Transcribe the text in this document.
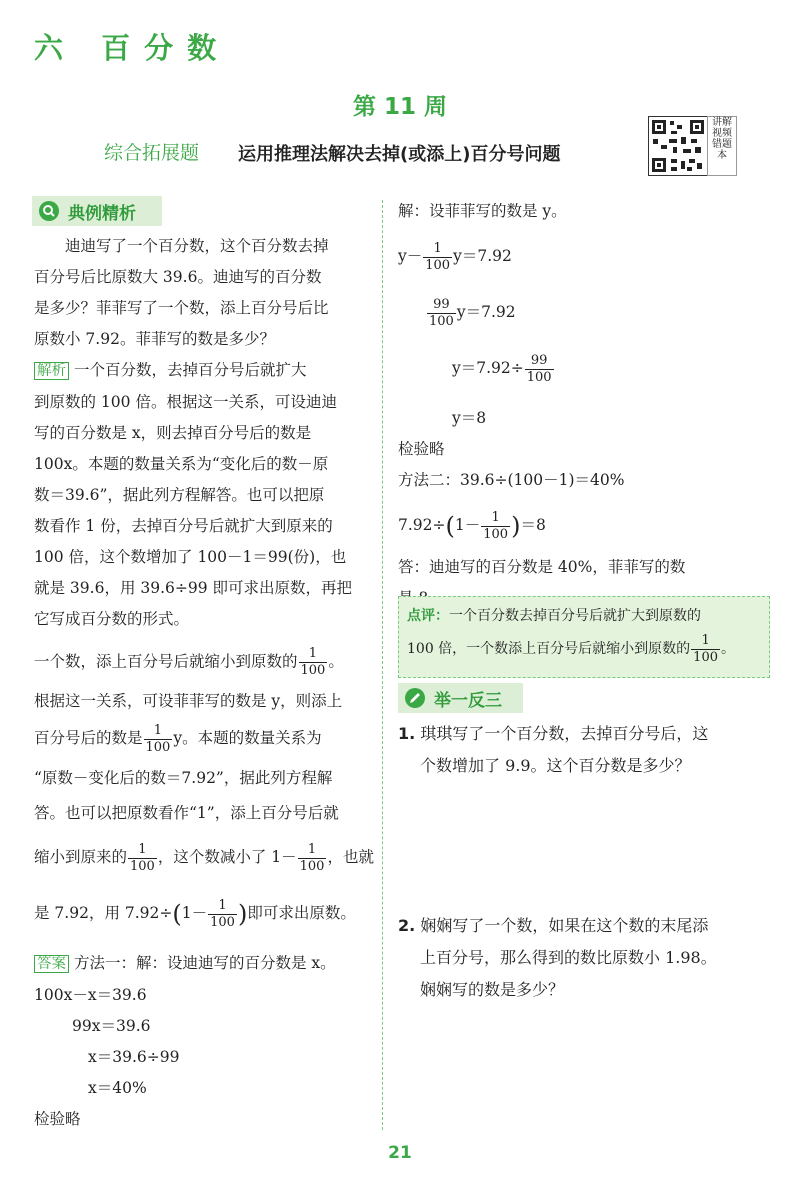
六 百分数
第 11 周
综合拓展题 运用推理法解决去掉(或添上)百分号问题
讲解视频 错题本
典例精析
迪迪写了一个百分数，这个百分数去掉
百分号后比原数大 39.6。迪迪写的百分数
是多少？菲菲写了一个数，添上百分号后比
原数小 7.92。菲菲写的数是多少？
解析 一个百分数，去掉百分号后就扩大
到原数的 100 倍。根据这一关系，可设迪迪
写的百分数是 x，则去掉百分号后的数是
100x。本题的数量关系为“变化后的数－原
数＝39.6”，据此列方程解答。也可以把原
数看作 1 份，去掉百分号后就扩大到原来的
100 倍，这个数增加了 100－1＝99(份)，也
就是 39.6，用 39.6÷99 即可求出原数，再把
它写成百分数的形式。
一个数，添上百分号后就缩小到原数的 $\frac{1}{100}$ 。
根据这一关系，可设菲菲写的数是 y，则添上
百分号后的数是 $\frac{1}{100}$ y。本题的数量关系为
“原数－变化后的数＝7.92”，据此列方程解
答。也可以把原数看作“1”，添上百分号后就
缩小到原来的 $\frac{1}{100}$ ，这个数减小了 $1- \frac{1}{100}$ ，也就
是 7.92，用 $7.92\div(1- \frac{1}{100}$ )即可求出原数。
答案 方法一：解：设迪迪写的百分数是 x。
100x－x＝39.6
99x＝39.6
x＝39.6÷99
x＝40%
检验略
解：设菲菲写的数是 y。
$y- \frac{1}{100} y=7.92$
$\frac{99}{100} y=7.92$
$y=7.92\div \frac{99}{100}$
y＝8
检验略
方法二：39.6÷(100－1)＝40%
$7.92\div(1- \frac{1}{100} )=8$
答：迪迪写的百分数是 40%，菲菲写的数
点评：一个百分数去掉百分号后就扩大到原数的
100 倍，一个数添上百分号后就缩小到原数的 $\frac{1}{100}$ 。
举一反三
1. 琪琪写了一个百分数，去掉百分号后，这
个数增加了 9.9。这个百分数是多少？
2. 娴娴写了一个数，如果在这个数的末尾添
上百分号，那么得到的数比原数小 1.98。
娴娴写的数是多少？
21
